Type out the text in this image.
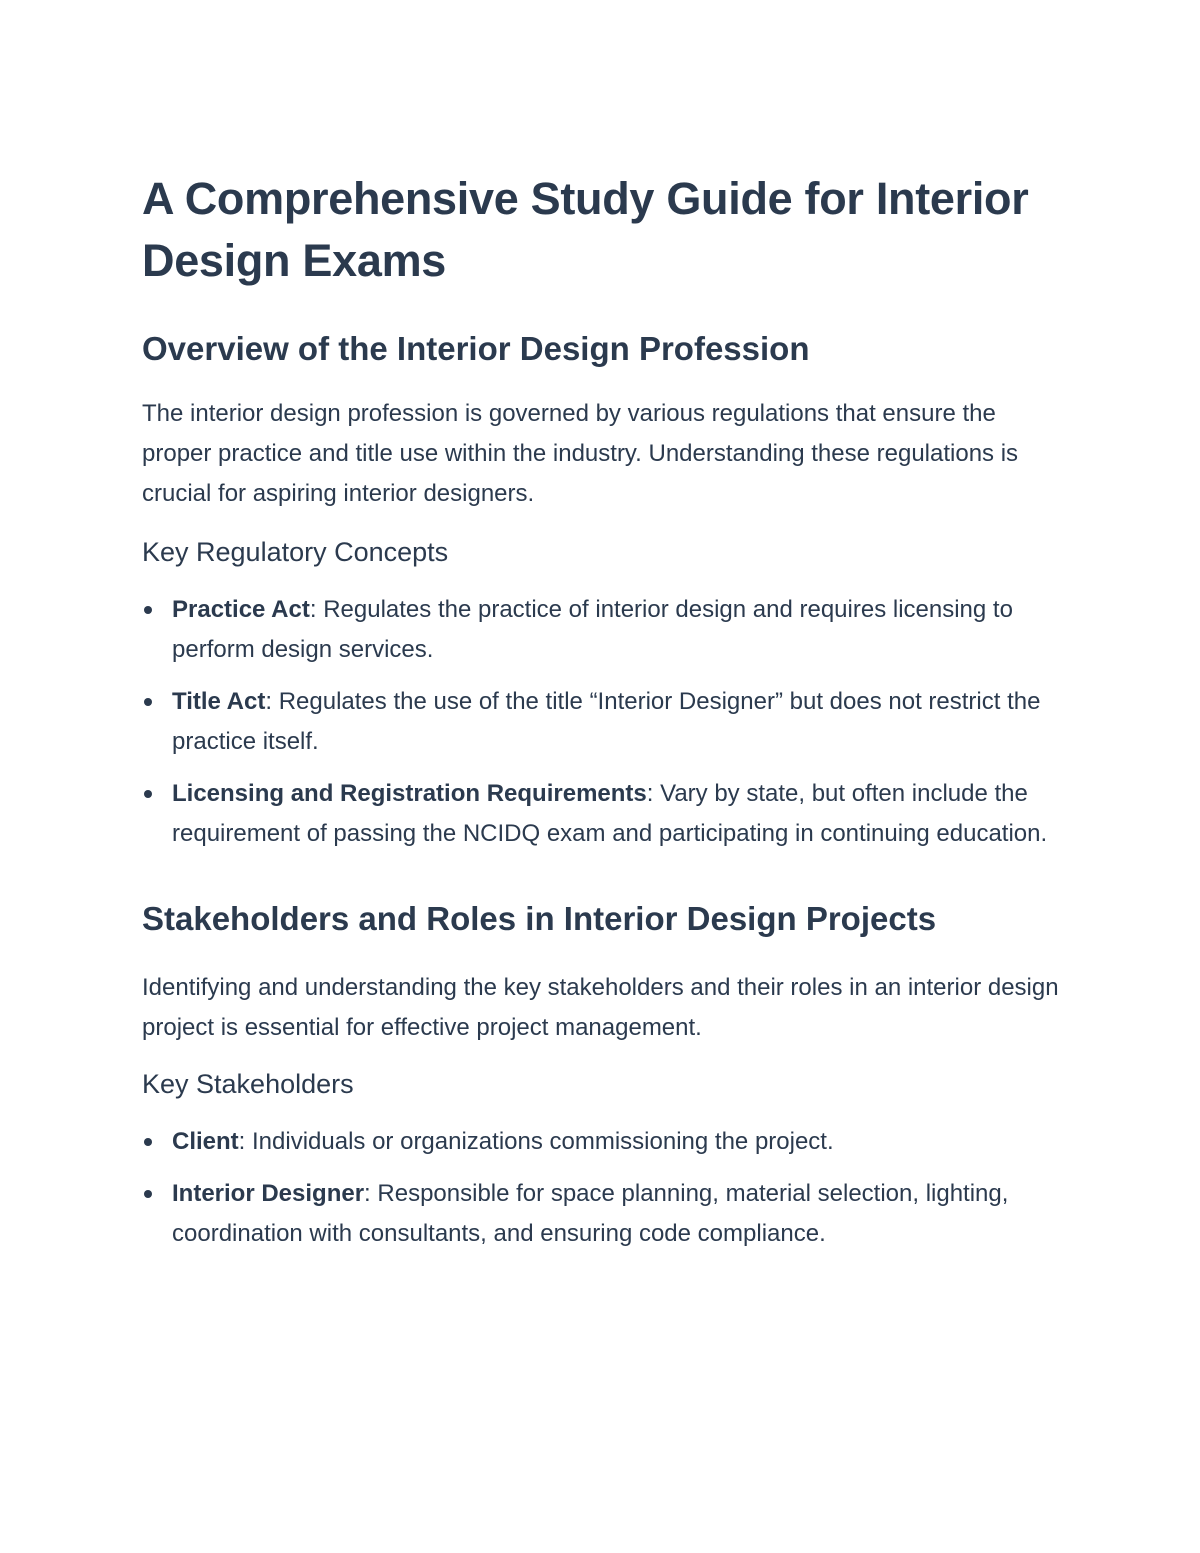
A Comprehensive Study Guide for Interior Design Exams
Overview of the Interior Design Profession

The interior design profession is governed by various regulations that ensure the proper practice and title use within the industry. Understanding these regulations is crucial for aspiring interior designers.

Key Regulatory Concepts
Practice Act: Regulates the practice of interior design and requires licensing to perform design services.
Title Act: Regulates the use of the title “Interior Designer” but does not restrict the practice itself.
Licensing and Registration Requirements: Vary by state, but often include the requirement of passing the NCIDQ exam and participating in continuing education.
Stakeholders and Roles in Interior Design Projects

Identifying and understanding the key stakeholders and their roles in an interior design project is essential for effective project management.

Key Stakeholders
Client: Individuals or organizations commissioning the project.
Interior Designer: Responsible for space planning, material selection, lighting, coordination with consultants, and ensuring code compliance.
